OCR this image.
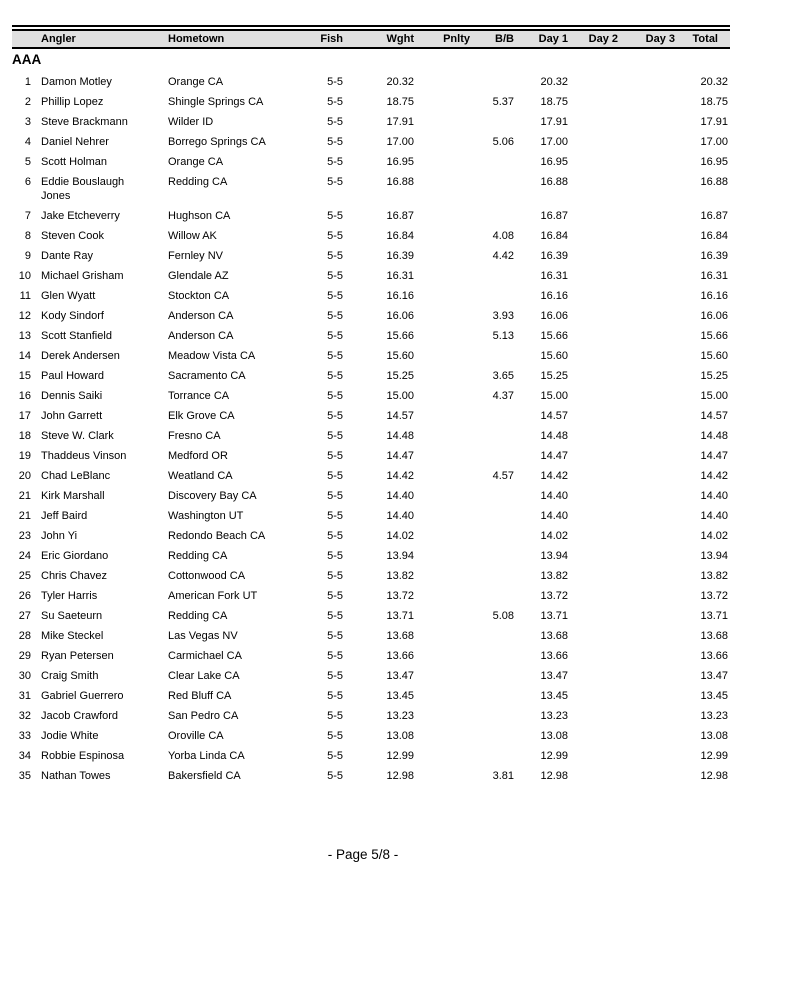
	Angler	Hometown	Fish	Wght	Pnlty	B/B	Day 1	Day 2	Day 3	Total
AAA
1	Damon Motley	Orange CA	5-5	20.32			20.32			20.32
2	Phillip Lopez	Shingle Springs CA	5-5	18.75		5.37	18.75			18.75
3	Steve Brackmann	Wilder ID	5-5	17.91			17.91			17.91
4	Daniel Nehrer	Borrego Springs CA	5-5	17.00		5.06	17.00			17.00
5	Scott Holman	Orange CA	5-5	16.95			16.95			16.95
6	Eddie Bouslaugh Jones	Redding CA	5-5	16.88			16.88			16.88
7	Jake Etcheverry	Hughson CA	5-5	16.87			16.87			16.87
8	Steven Cook	Willow AK	5-5	16.84		4.08	16.84			16.84
9	Dante Ray	Fernley NV	5-5	16.39		4.42	16.39			16.39
10	Michael Grisham	Glendale AZ	5-5	16.31			16.31			16.31
11	Glen Wyatt	Stockton CA	5-5	16.16			16.16			16.16
12	Kody Sindorf	Anderson CA	5-5	16.06		3.93	16.06			16.06
13	Scott Stanfield	Anderson CA	5-5	15.66		5.13	15.66			15.66
14	Derek Andersen	Meadow Vista CA	5-5	15.60			15.60			15.60
15	Paul Howard	Sacramento CA	5-5	15.25		3.65	15.25			15.25
16	Dennis Saiki	Torrance CA	5-5	15.00		4.37	15.00			15.00
17	John Garrett	Elk Grove CA	5-5	14.57			14.57			14.57
18	Steve W. Clark	Fresno CA	5-5	14.48			14.48			14.48
19	Thaddeus Vinson	Medford OR	5-5	14.47			14.47			14.47
20	Chad LeBlanc	Weatland CA	5-5	14.42		4.57	14.42			14.42
21	Kirk Marshall	Discovery Bay CA	5-5	14.40			14.40			14.40
21	Jeff Baird	Washington UT	5-5	14.40			14.40			14.40
23	John Yi	Redondo Beach CA	5-5	14.02			14.02			14.02
24	Eric Giordano	Redding CA	5-5	13.94			13.94			13.94
25	Chris Chavez	Cottonwood CA	5-5	13.82			13.82			13.82
26	Tyler Harris	American Fork UT	5-5	13.72			13.72			13.72
27	Su Saeteurn	Redding CA	5-5	13.71		5.08	13.71			13.71
28	Mike Steckel	Las Vegas NV	5-5	13.68			13.68			13.68
29	Ryan Petersen	Carmichael CA	5-5	13.66			13.66			13.66
30	Craig Smith	Clear Lake CA	5-5	13.47			13.47			13.47
31	Gabriel Guerrero	Red Bluff CA	5-5	13.45			13.45			13.45
32	Jacob Crawford	San Pedro CA	5-5	13.23			13.23			13.23
33	Jodie White	Oroville CA	5-5	13.08			13.08			13.08
34	Robbie Espinosa	Yorba Linda CA	5-5	12.99			12.99			12.99
35	Nathan Towes	Bakersfield CA	5-5	12.98		3.81	12.98			12.98
- Page 5/8 -
